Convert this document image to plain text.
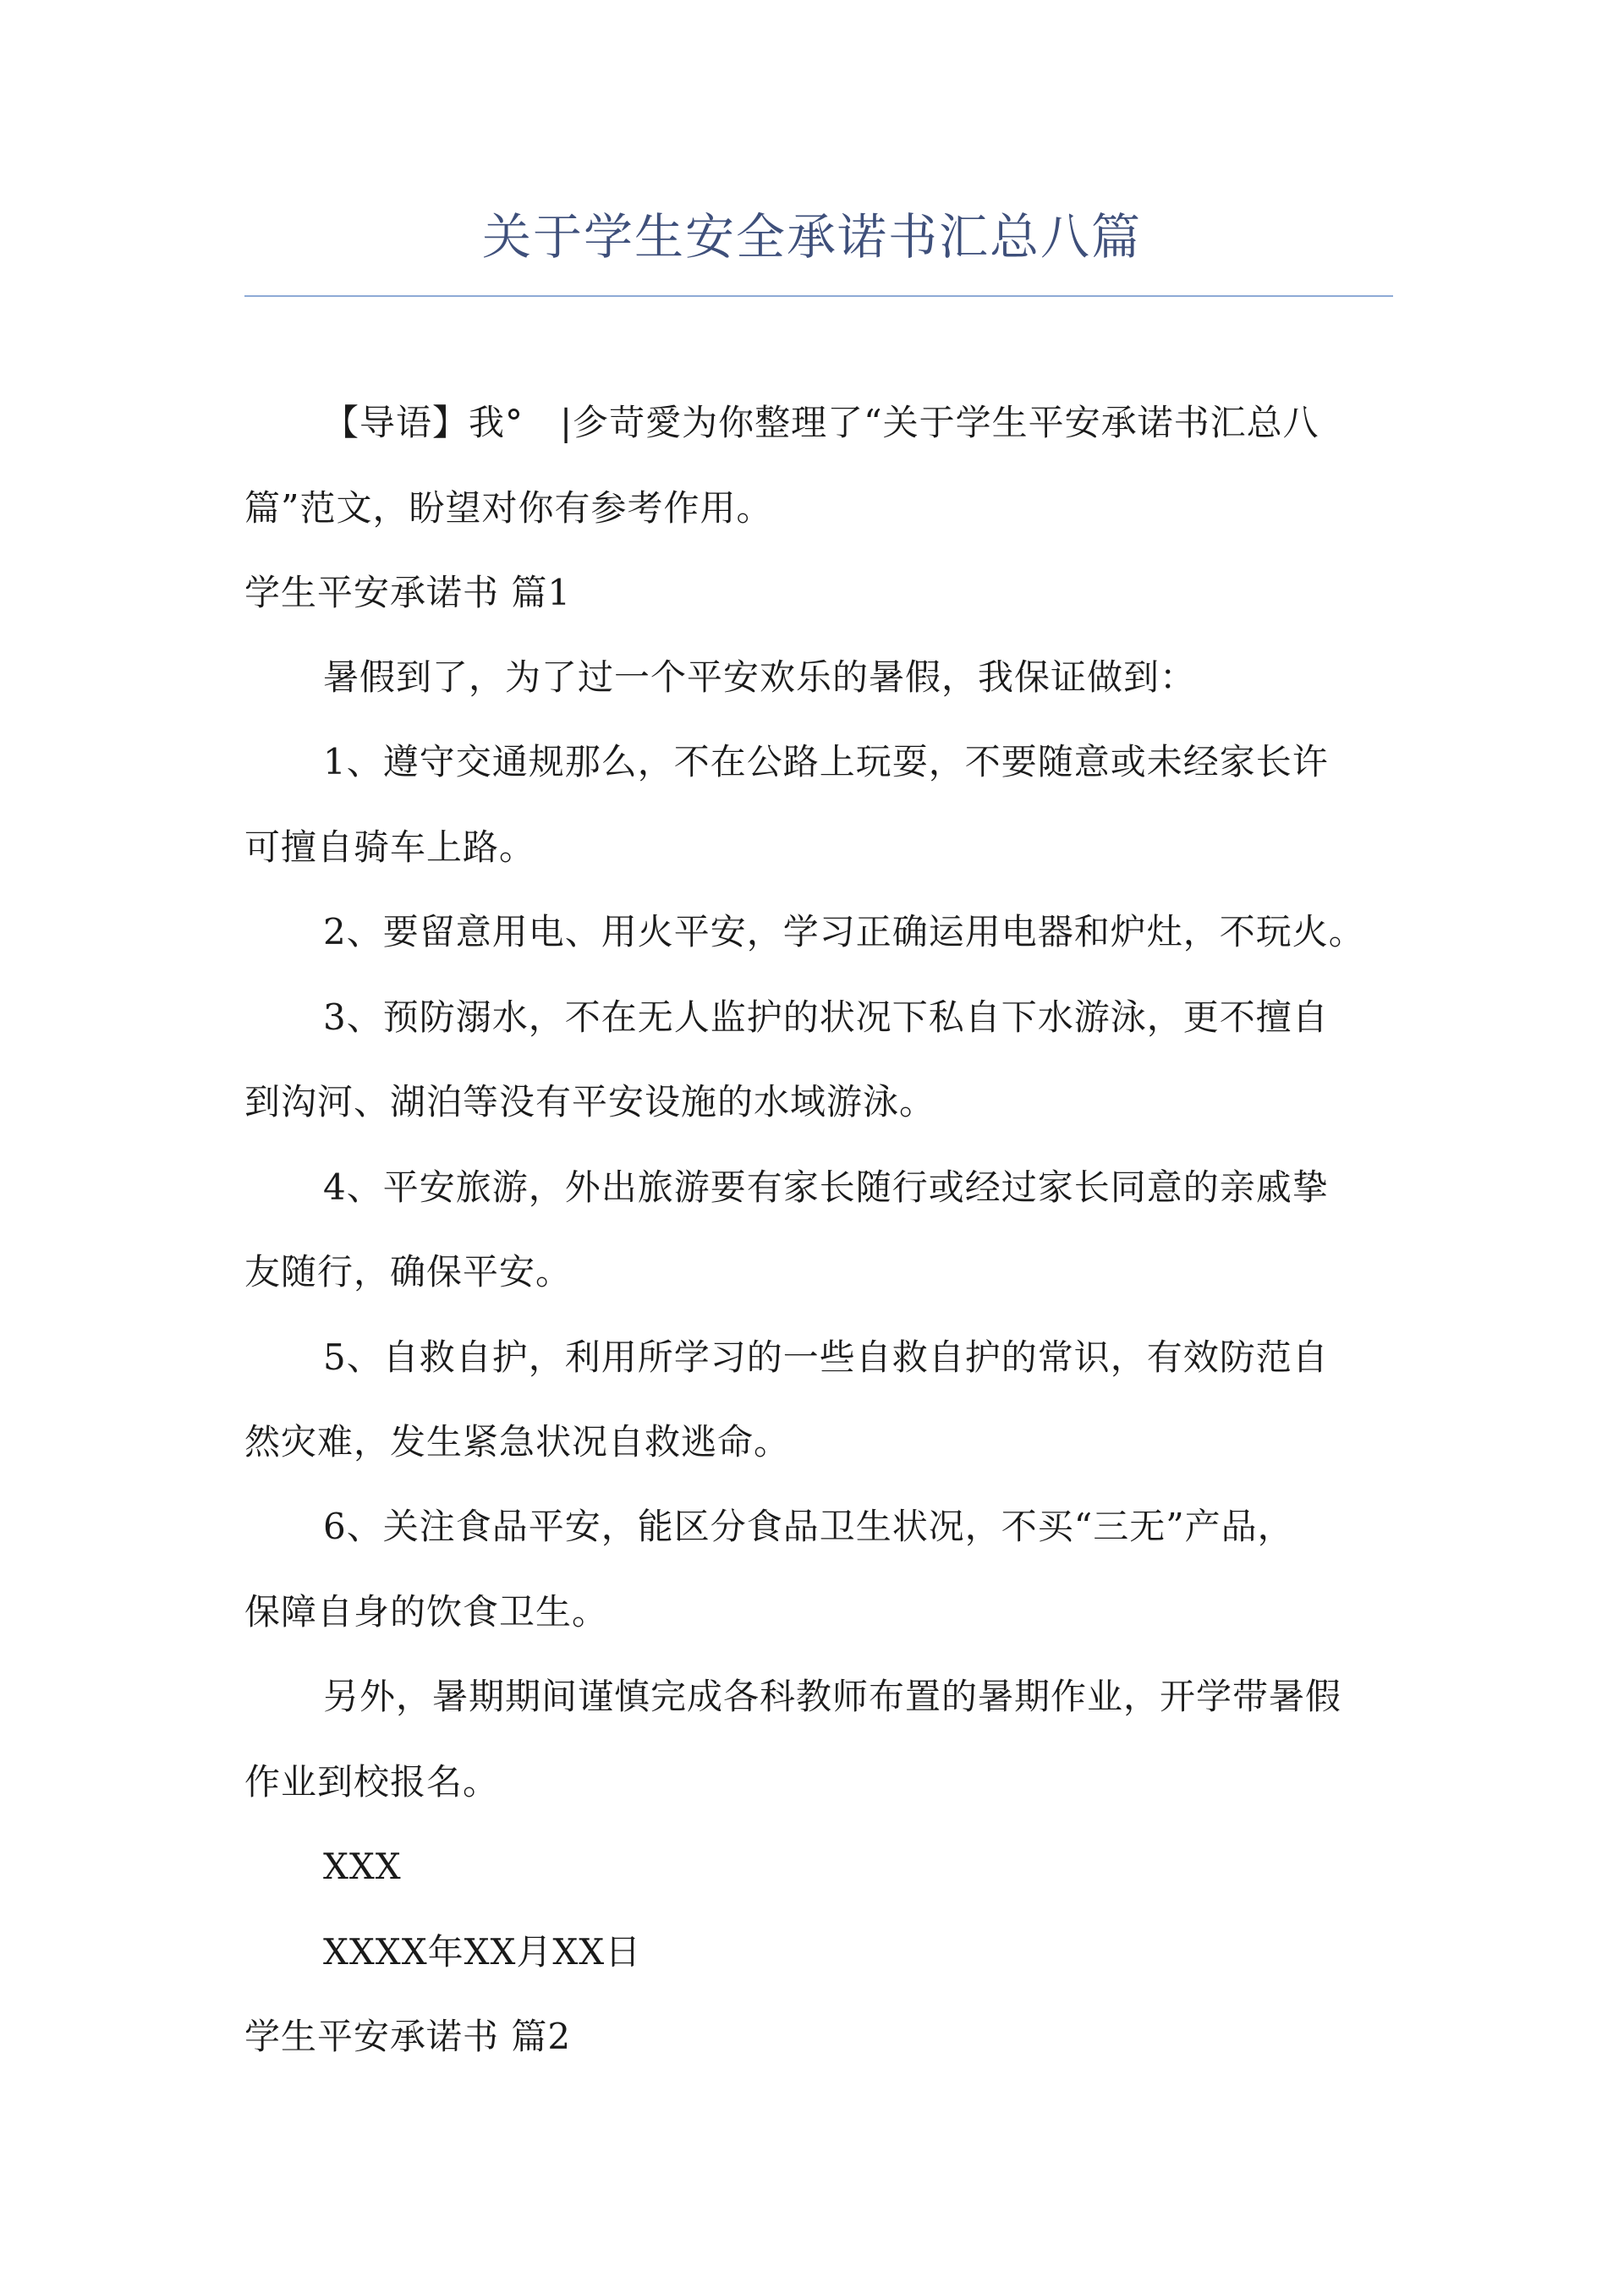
关于学生安全承诺书汇总八篇
【导语】我°　|㐱苛愛为你整理了“关于学生平安承诺书汇总八
篇”范文，盼望对你有参考作用。
学生平安承诺书 篇1
暑假到了，为了过一个平安欢乐的暑假，我保证做到：
1、遵守交通规那么，不在公路上玩耍，不要随意或未经家长许
可擅自骑车上路。
2、要留意用电、用火平安，学习正确运用电器和炉灶，不玩火。
3、预防溺水，不在无人监护的状况下私自下水游泳，更不擅自
到沟河、湖泊等没有平安设施的水域游泳。
4、平安旅游，外出旅游要有家长随行或经过家长同意的亲戚挚
友随行，确保平安。
5、自救自护，利用所学习的一些自救自护的常识，有效防范自
然灾难，发生紧急状况自救逃命。
6、关注食品平安，能区分食品卫生状况，不买“三无”产品，
保障自身的饮食卫生。
另外，暑期期间谨慎完成各科教师布置的暑期作业，开学带暑假
作业到校报名。
XXX
XXXX年XX月XX日
学生平安承诺书 篇2
